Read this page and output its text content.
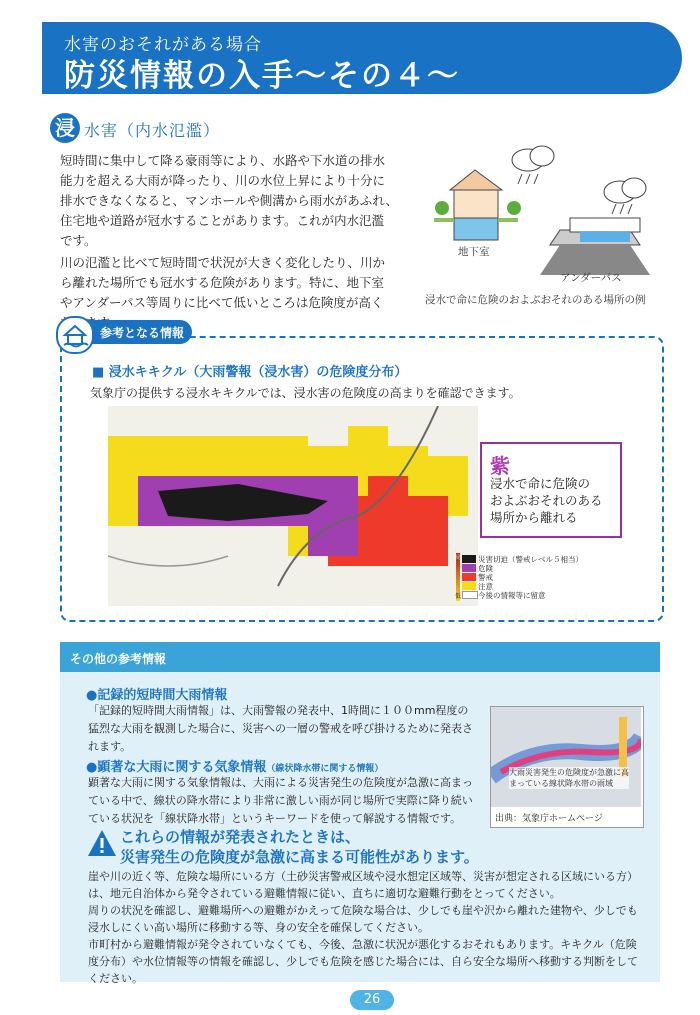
水害のおそれがある場合
防災情報の入手〜その４〜
浸 水害（内水氾濫）
短時間に集中して降る豪雨等により、水路や下水道の排水
能力を超える大雨が降ったり、川の水位上昇により十分に
排水できなくなると、マンホールや側溝から雨水があふれ、
住宅地や道路が冠水することがあります。これが内水氾濫
です。
川の氾濫と比べて短時間で状況が大きく変化したり、川か
ら離れた場所でも冠水する危険があります。特に、地下室
やアンダーパス等周りに比べて低いところは危険度が高く
地下室
アンダーパス
浸水で命に危険のおよぶおそれのある場所の例
参考となる情報
■ 浸水キキクル（大雨警報（浸水害）の危険度分布）
気象庁の提供する浸水キキクルでは、浸水害の危険度の高まりを確認できます。
紫
浸水で命に危険の
およぶおそれのある
場所から離れる
高
低
災害切迫（警戒レベル５相当）
危険
警戒
注意
今後の情報等に留意
その他の参考情報
●記録的短時間大雨情報
「記録的短時間大雨情報」は、大雨警報の発表中、1時間に１００mm程度の
猛烈な大雨を観測した場合に、災害への一層の警戒を呼び掛けるために発表さ
れます。
●顕著な大雨に関する気象情報（線状降水帯に関する情報）
顕著な大雨に関する気象情報は、大雨による災害発生の危険度が急激に高まっ
ている中で、線状の降水帯により非常に激しい雨が同じ場所で実際に降り続い
ている状況を「線状降水帯」というキーワードを使って解説する情報です。
大雨災害発生の危険度が急激に高まっている線状降水帯の雨域
出典：気象庁ホームページ
これらの情報が発表されたときは、
災害発生の危険度が急激に高まる可能性があります。
崖や川の近く等、危険な場所にいる方（土砂災害警戒区域や浸水想定区域等、災害が想定される区域にいる方）
は、地元自治体から発令されている避難情報に従い、直ちに適切な避難行動をとってください。
周りの状況を確認し、避難場所への避難がかえって危険な場合は、少しでも崖や沢から離れた建物や、少しでも
浸水しにくい高い場所に移動する等、身の安全を確保してください。
市町村から避難情報が発令されていなくても、今後、急激に状況が悪化するおそれもあります。キキクル（危険
度分布）や水位情報等の情報を確認し、少しでも危険を感じた場合には、自ら安全な場所へ移動する判断をして
ください。
26
